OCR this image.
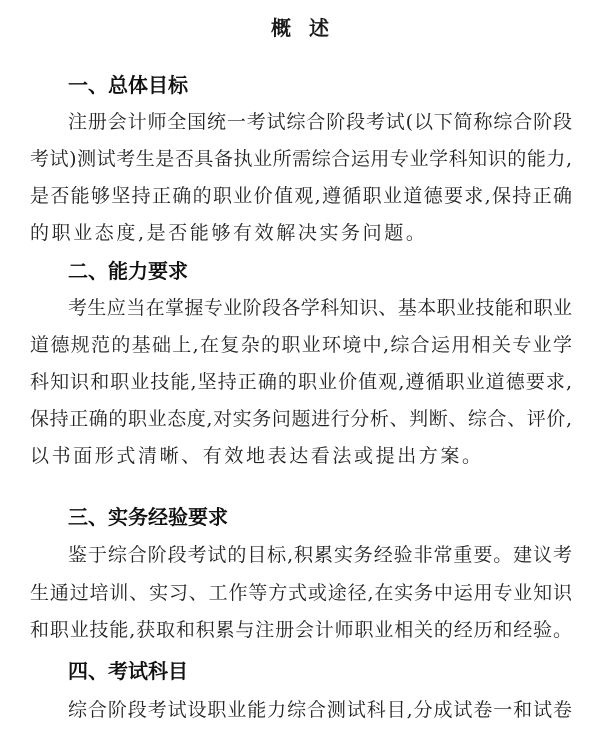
概述
一、总体目标
注册会计师全国统一考试综合阶段考试(以下简称综合阶段
考试)测试考生是否具备执业所需综合运用专业学科知识的能力,
是否能够坚持正确的职业价值观,遵循职业道德要求,保持正确
的职业态度,是否能够有效解决实务问题。
二、能力要求
考生应当在掌握专业阶段各学科知识、基本职业技能和职业
道德规范的基础上,在复杂的职业环境中,综合运用相关专业学
科知识和职业技能,坚持正确的职业价值观,遵循职业道德要求,
保持正确的职业态度,对实务问题进行分析、判断、综合、评价,
以书面形式清晰、有效地表达看法或提出方案。
三、实务经验要求
鉴于综合阶段考试的目标,积累实务经验非常重要。建议考
生通过培训、实习、工作等方式或途径,在实务中运用专业知识
和职业技能,获取和积累与注册会计师职业相关的经历和经验。
四、考试科目
综合阶段考试设职业能力综合测试科目,分成试卷一和试卷
